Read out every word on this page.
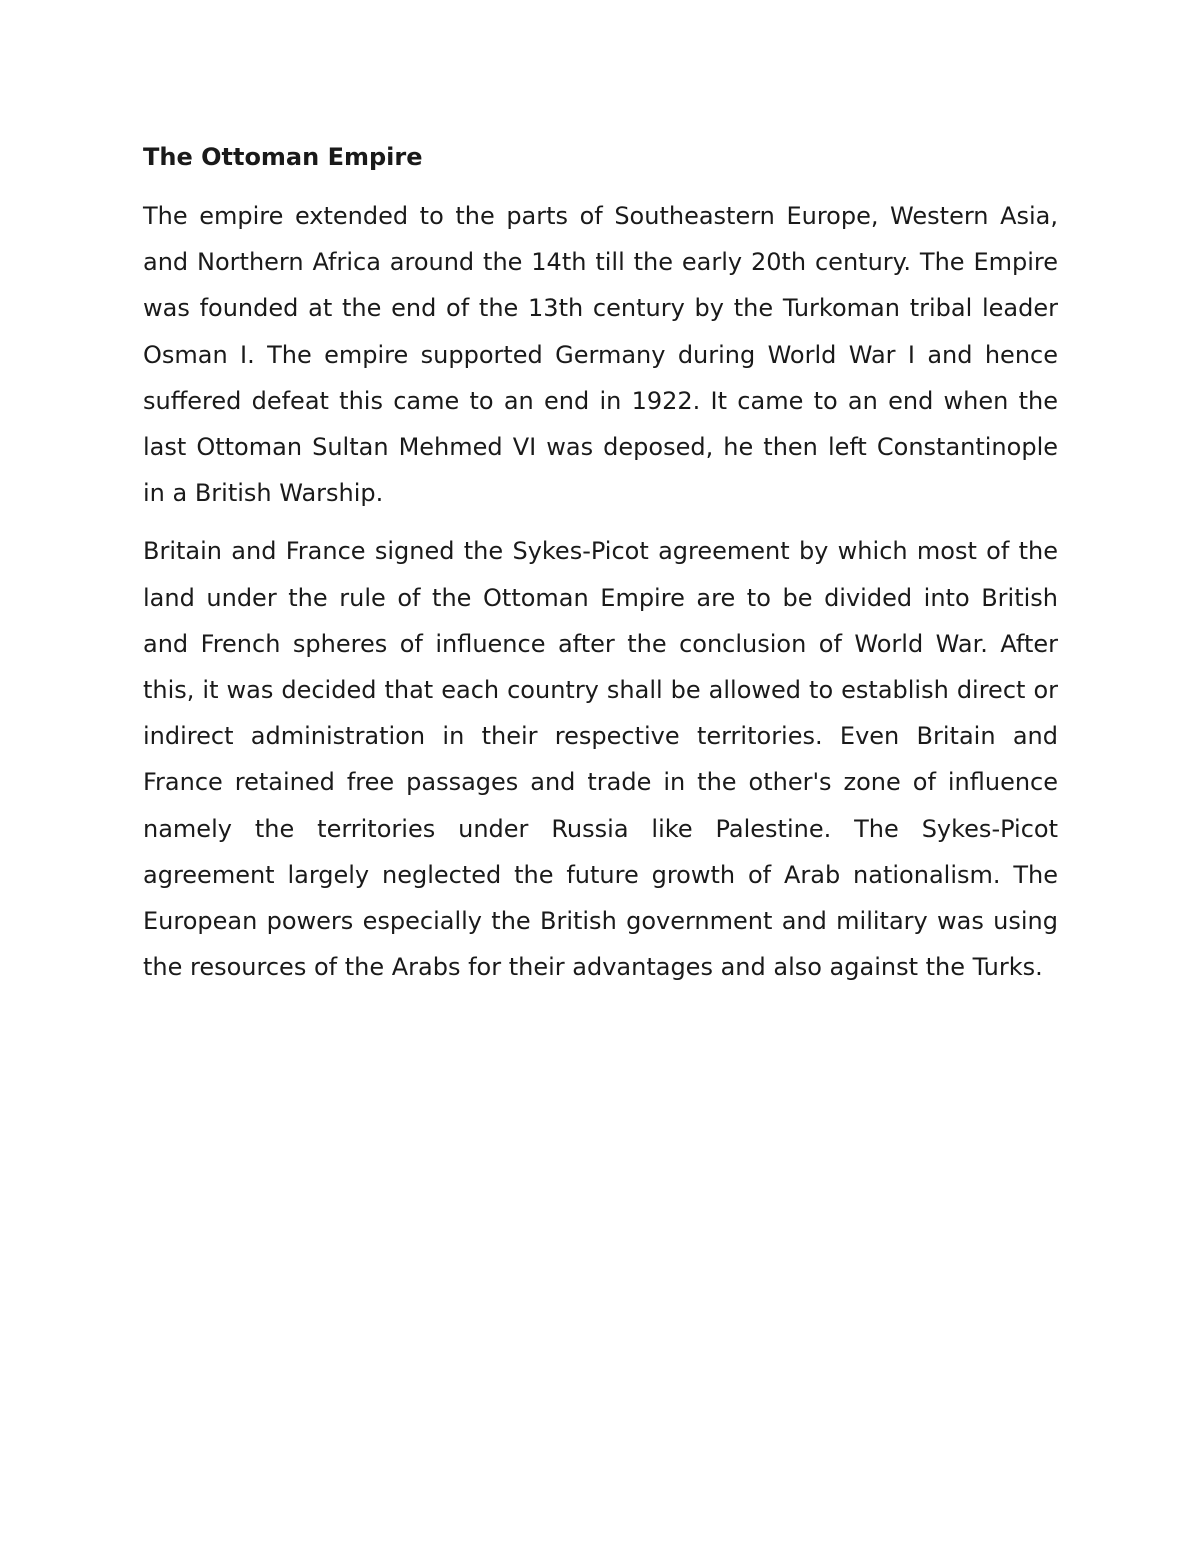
The Ottoman Empire

The empire extended to the parts of Southeastern Europe, Western Asia, and Northern Africa around the 14th till the early 20th century. The Empire was founded at the end of the 13th century by the Turkoman tribal leader Osman I. The empire supported Germany during World War I and hence suffered defeat this came to an end in 1922. It came to an end when the last Ottoman Sultan Mehmed VI was deposed, he then left Constantinople in a British Warship.

Britain and France signed the Sykes-Picot agreement by which most of the land under the rule of the Ottoman Empire are to be divided into British and French spheres of influence after the conclusion of World War. After this, it was decided that each country shall be allowed to establish direct or indirect administration in their respective territories. Even Britain and France retained free passages and trade in the other's zone of influence namely the territories under Russia like Palestine. The Sykes-Picot agreement largely neglected the future growth of Arab nationalism. The European powers especially the British government and military was using the resources of the Arabs for their advantages and also against the Turks.
